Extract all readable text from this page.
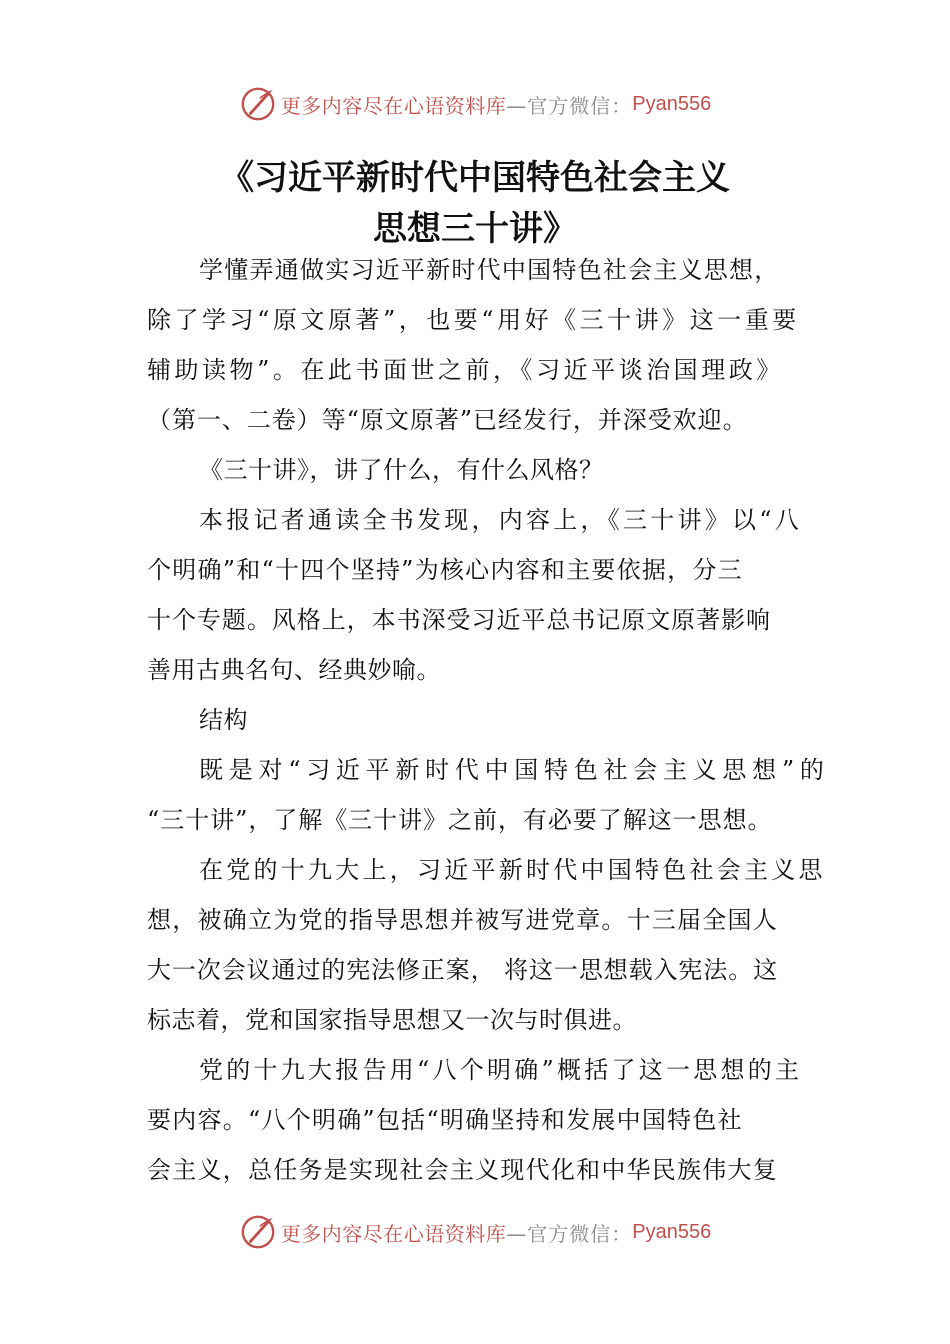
更多内容尽在心语资料库 —官方微信： Pyan556
《习近平新时代中国特色社会主义
思想三十讲》
学懂弄通做实习近平新时代中国特色社会主义思想，
除了学习“原文原著”，也要“用好《三十讲》这一重要
辅助读物”。在此书面世之前，《习近平谈治国理政》
（第一、二卷）等“原文原著”已经发行，并深受欢迎。
《三十讲》，讲了什么，有什么风格？
本报记者通读全书发现，内容上，《三十讲》以“八
个明确”和“十四个坚持”为核心内容和主要依据，分三
十个专题。风格上，本书深受习近平总书记原文原著影响
善用古典名句、经典妙喻。
结构
既是对“习近平新时代中国特色社会主义思想”的
“三十讲”，了解《三十讲》之前，有必要了解这一思想。
在党的十九大上，习近平新时代中国特色社会主义思
想，被确立为党的指导思想并被写进党章。十三届全国人
大一次会议通过的宪法修正案， 将这一思想载入宪法。这
标志着，党和国家指导思想又一次与时俱进。
党的十九大报告用“八个明确”概括了这一思想的主
要内容。“八个明确”包括“明确坚持和发展中国特色社
会主义，总任务是实现社会主义现代化和中华民族伟大复
更多内容尽在心语资料库 —官方微信： Pyan556
